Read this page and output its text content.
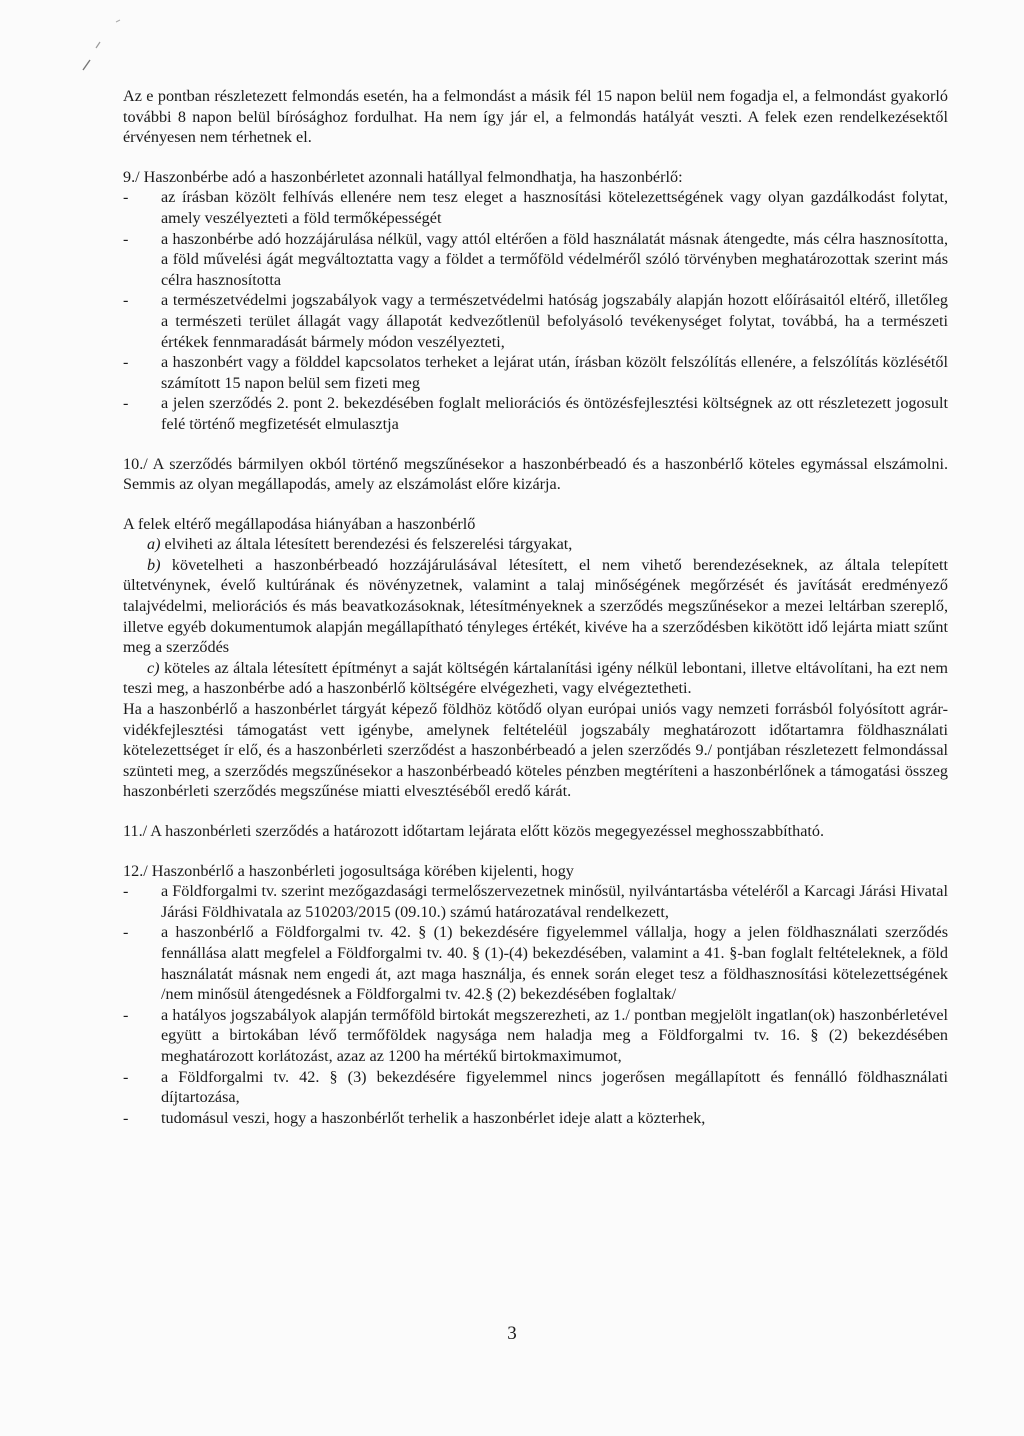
Az e pontban részletezett felmondás esetén, ha a felmondást a másik fél 15 napon belül nem fogadja el, a felmondást gyakorló további 8 napon belül bírósághoz fordulhat. Ha nem így jár el, a felmondás hatályát veszti. A felek ezen rendelkezésektől érvényesen nem térhetnek el.

9./ Haszonbérbe adó a haszonbérletet azonnali hatállyal felmondhatja, ha haszonbérlő:

- az írásban közölt felhívás ellenére nem tesz eleget a hasznosítási kötelezettségének vagy olyan gazdálkodást folytat, amely veszélyezteti a föld termőképességét
- a haszonbérbe adó hozzájárulása nélkül, vagy attól eltérően a föld használatát másnak átengedte, más célra hasznosította, a föld művelési ágát megváltoztatta vagy a földet a termőföld védelméről szóló törvényben meghatározottak szerint más célra hasznosította
- a természetvédelmi jogszabályok vagy a természetvédelmi hatóság jogszabály alapján hozott előírásaitól eltérő, illetőleg a természeti terület állagát vagy állapotát kedvezőtlenül befolyásoló tevékenységet folytat, továbbá, ha a természeti értékek fennmaradását bármely módon veszélyezteti,
- a haszonbért vagy a földdel kapcsolatos terheket a lejárat után, írásban közölt felszólítás ellenére, a felszólítás közlésétől számított 15 napon belül sem fizeti meg
- a jelen szerződés 2. pont 2. bekezdésében foglalt meliorációs és öntözésfejlesztési költségnek az ott részletezett jogosult felé történő megfizetését elmulasztja

10./ A szerződés bármilyen okból történő megszűnésekor a haszonbérbeadó és a haszonbérlő köteles egymással elszámolni. Semmis az olyan megállapodás, amely az elszámolást előre kizárja.

A felek eltérő megállapodása hiányában a haszonbérlő

a) elviheti az általa létesített berendezési és felszerelési tárgyakat,

b) követelheti a haszonbérbeadó hozzájárulásával létesített, el nem vihető berendezéseknek, az általa telepített ültetvénynek, évelő kultúrának és növényzetnek, valamint a talaj minőségének megőrzését és javítását eredményező talajvédelmi, meliorációs és más beavatkozásoknak, létesítményeknek a szerződés megszűnésekor a mezei leltárban szereplő, illetve egyéb dokumentumok alapján megállapítható tényleges értékét, kivéve ha a szerződésben kikötött idő lejárta miatt szűnt meg a szerződés

c) köteles az általa létesített építményt a saját költségén kártalanítási igény nélkül lebontani, illetve eltávolítani, ha ezt nem teszi meg, a haszonbérbe adó a haszonbérlő költségére elvégezheti, vagy elvégeztetheti.

Ha a haszonbérlő a haszonbérlet tárgyát képező földhöz kötődő olyan európai uniós vagy nemzeti forrásból folyósított agrár-vidékfejlesztési támogatást vett igénybe, amelynek feltételéül jogszabály meghatározott időtartamra földhasználati kötelezettséget ír elő, és a haszonbérleti szerződést a haszonbérbeadó a jelen szerződés 9./ pontjában részletezett felmondással szünteti meg, a szerződés megszűnésekor a haszonbérbeadó köteles pénzben megtéríteni a haszonbérlőnek a támogatási összeg haszonbérleti szerződés megszűnése miatti elvesztéséből eredő kárát.

11./ A haszonbérleti szerződés a határozott időtartam lejárata előtt közös megegyezéssel meghosszabbítható.

12./ Haszonbérlő a haszonbérleti jogosultsága körében kijelenti, hogy

- a Földforgalmi tv. szerint mezőgazdasági termelőszervezetnek minősül, nyilvántartásba vételéről a Karcagi Járási Hivatal Járási Földhivatala az 510203/2015 (09.10.) számú határozatával rendelkezett,
- a haszonbérlő a Földforgalmi tv. 42. § (1) bekezdésére figyelemmel vállalja, hogy a jelen földhasználati szerződés fennállása alatt megfelel a Földforgalmi tv. 40. § (1)-(4) bekezdésében, valamint a 41. §-ban foglalt feltételeknek, a föld használatát másnak nem engedi át, azt maga használja, és ennek során eleget tesz a földhasznosítási kötelezettségének /nem minősül átengedésnek a Földforgalmi tv. 42.§ (2) bekezdésében foglaltak/
- a hatályos jogszabályok alapján termőföld birtokát megszerezheti, az 1./ pontban megjelölt ingatlan(ok) haszonbérletével együtt a birtokában lévő termőföldek nagysága nem haladja meg a Földforgalmi tv. 16. § (2) bekezdésében meghatározott korlátozást, azaz az 1200 ha mértékű birtokmaximumot,
- a Földforgalmi tv. 42. § (3) bekezdésére figyelemmel nincs jogerősen megállapított és fennálló földhasználati díjtartozása,
- tudomásul veszi, hogy a haszonbérlőt terhelik a haszonbérlet ideje alatt a közterhek,
3
